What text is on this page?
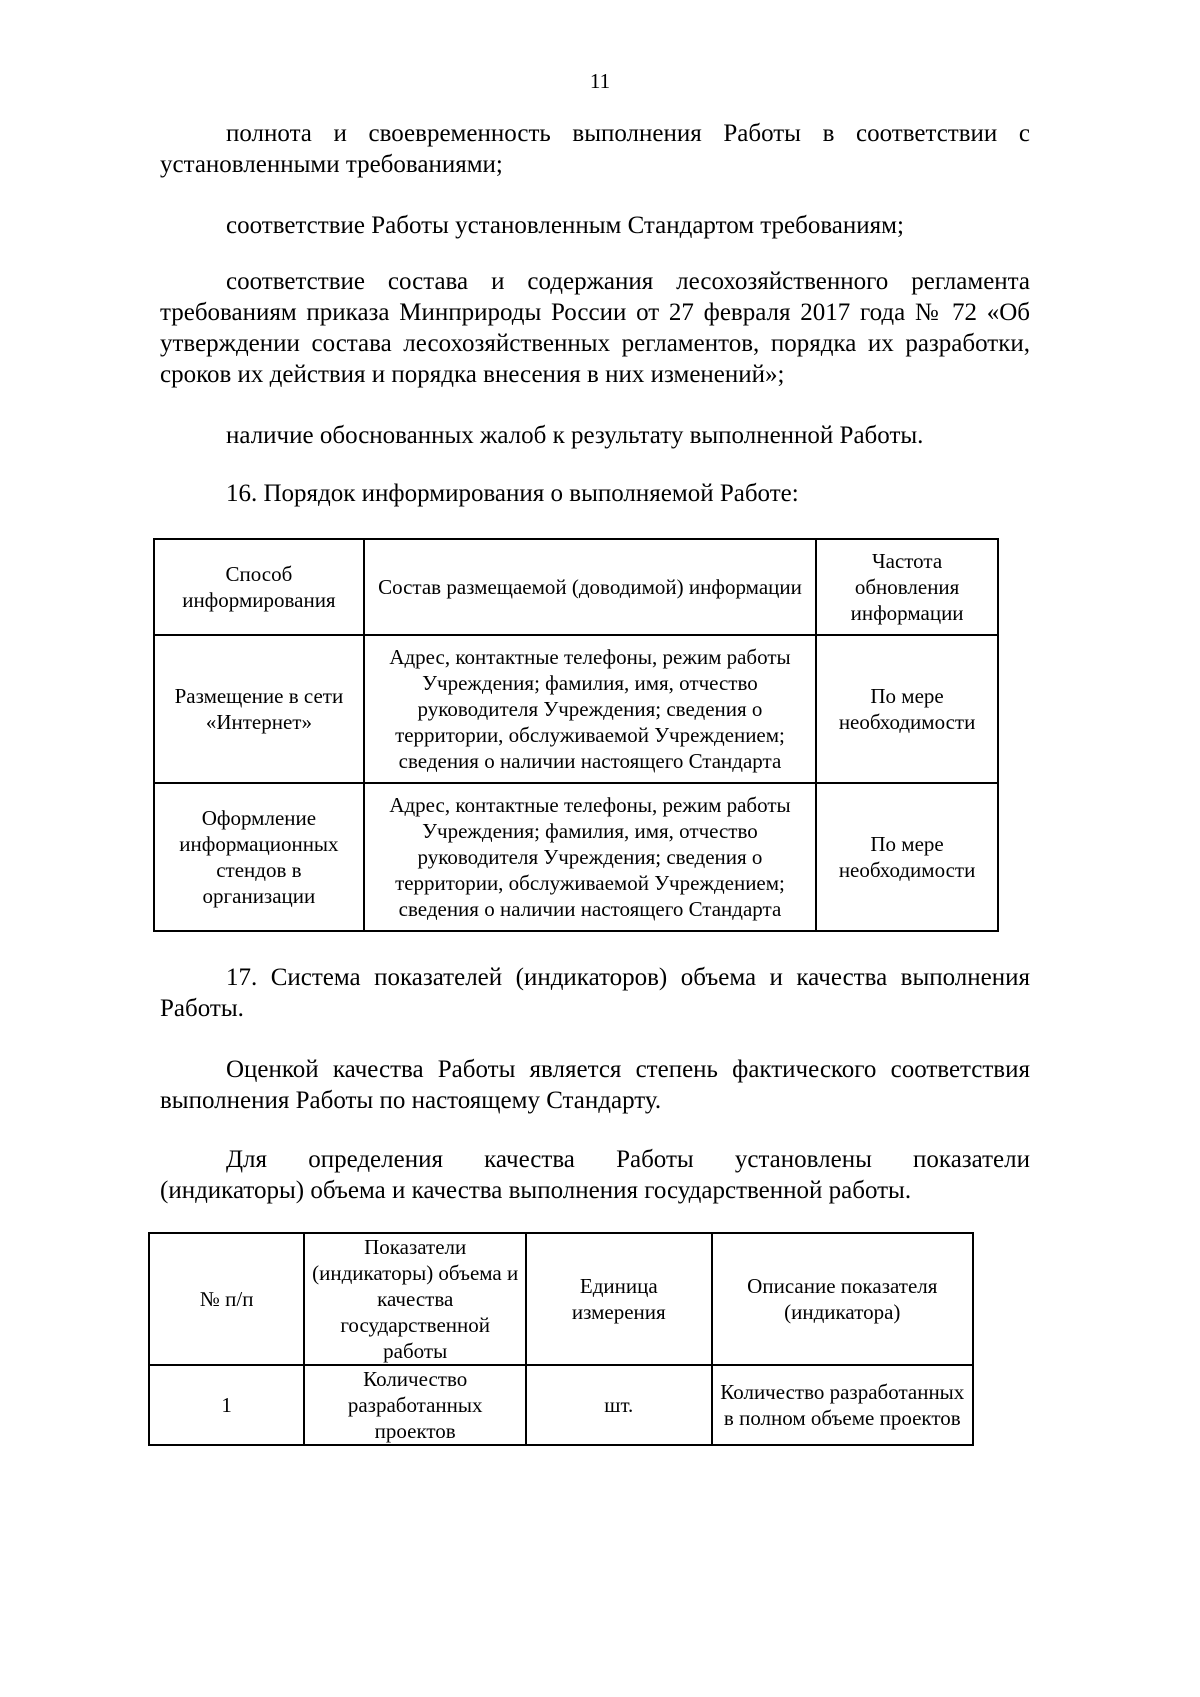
11

полнота и своевременность выполнения Работы в соответствии с установленными требованиями;

соответствие Работы установленным Стандартом требованиям;

соответствие состава и содержания лесохозяйственного регламента требованиям приказа Минприроды России от 27 февраля 2017 года № 72 «Об утверждении состава лесохозяйственных регламентов, порядка их разработки, сроков их действия и порядка внесения в них изменений»;

наличие обоснованных жалоб к результату выполненной Работы.

16. Порядок информирования о выполняемой Работе:

Способ информирования	Состав размещаемой (доводимой) информации	Частота обновления информации
Размещение в сети «Интернет»	Адрес, контактные телефоны, режим работы Учреждения; фамилия, имя, отчество руководителя Учреждения; сведения о территории, обслуживаемой Учреждением; сведения о наличии настоящего Стандарта	По мере необходимости
Оформление информационных стендов в организации	Адрес, контактные телефоны, режим работы Учреждения; фамилия, имя, отчество руководителя Учреждения; сведения о территории, обслуживаемой Учреждением; сведения о наличии настоящего Стандарта	По мере необходимости

17. Система показателей (индикаторов) объема и качества выполнения Работы.

Оценкой качества Работы является степень фактического соответствия выполнения Работы по настоящему Стандарту.

Для определения качества Работы установлены показатели

(индикаторы) объема и качества выполнения государственной работы.

№ п/п	Показатели (индикаторы) объема и качества государственной работы	Единица измерения	Описание показателя (индикатора)
1	Количество разработанных проектов	шт.	Количество разработанных в полном объеме проектов
